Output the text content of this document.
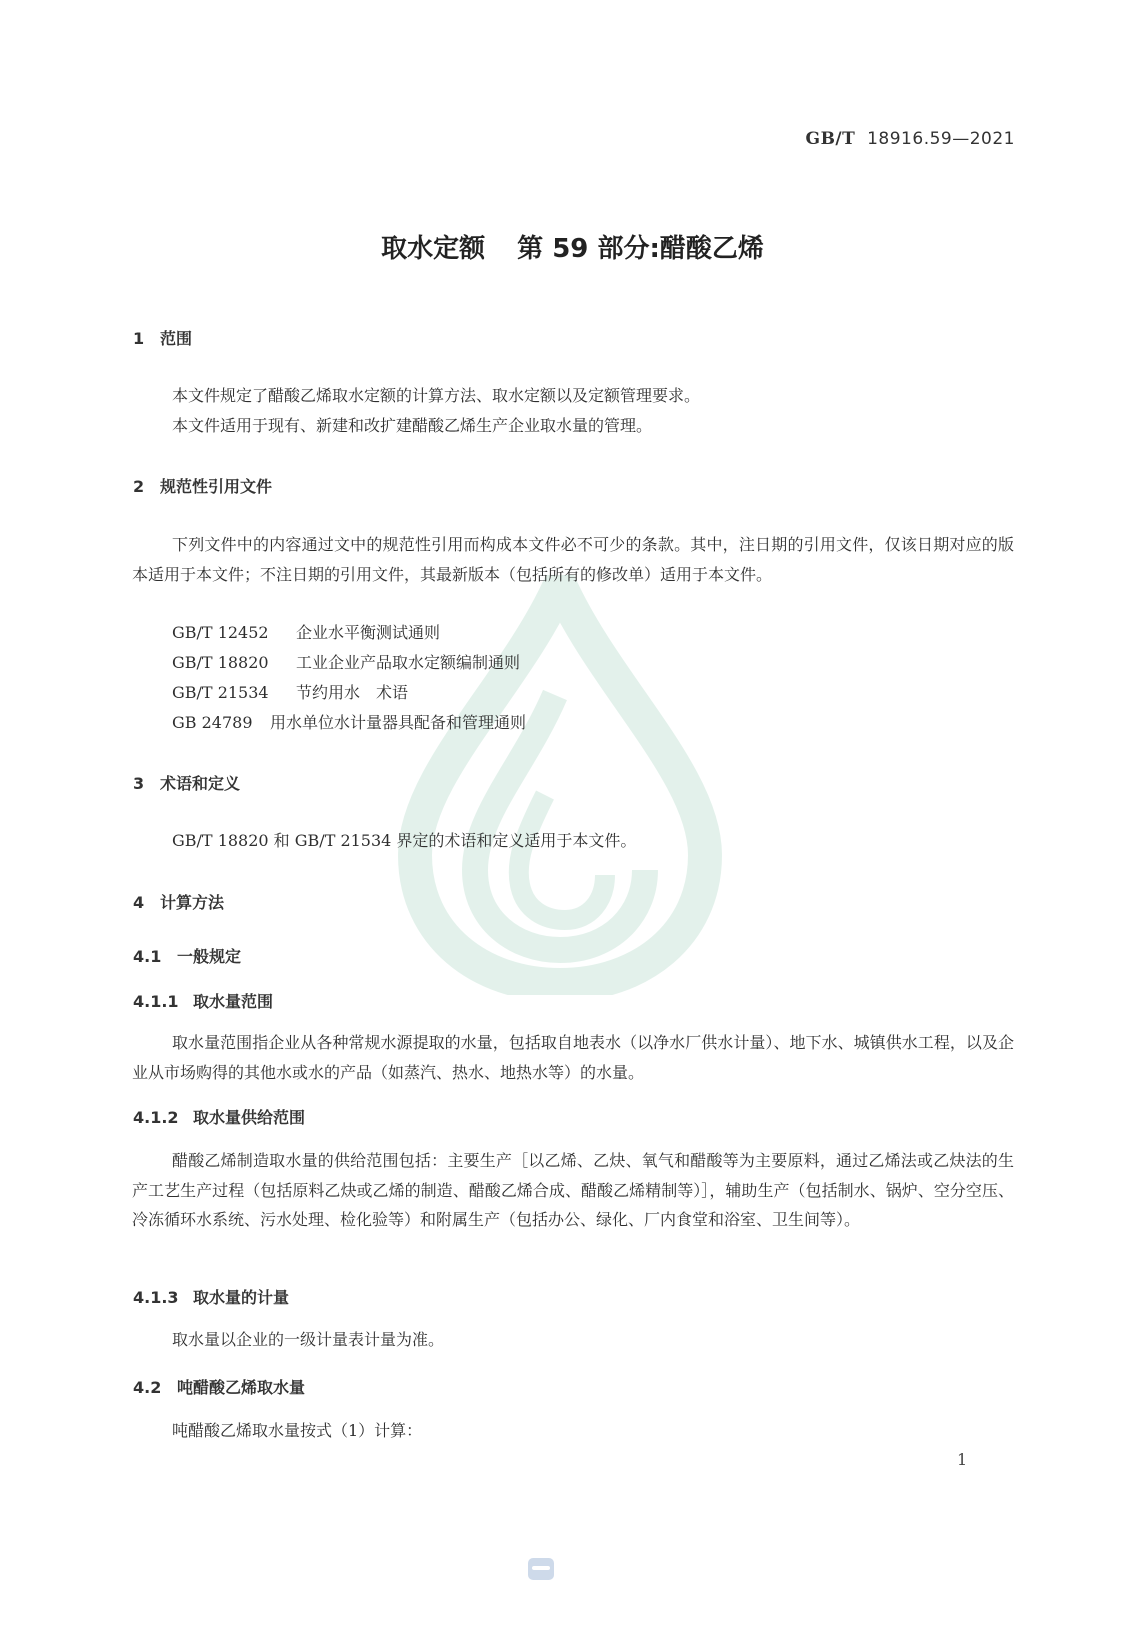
GB/T 18916.59—2021
取水定额 第 59 部分:醋酸乙烯
1 范围
本文件规定了醋酸乙烯取水定额的计算方法、取水定额以及定额管理要求。
本文件适用于现有、新建和改扩建醋酸乙烯生产企业取水量的管理。
2 规范性引用文件
下列文件中的内容通过文中的规范性引用而构成本文件必不可少的条款。其中，注日期的引用文件，仅该日期对应的版本适用于本文件；不注日期的引用文件，其最新版本（包括所有的修改单）适用于本文件。
GB/T 12452 企业水平衡测试通则
GB/T 18820 工业企业产品取水定额编制通则
GB/T 21534 节约用水　术语
GB 24789 用水单位水计量器具配备和管理通则
3 术语和定义
GB/T 18820 和 GB/T 21534 界定的术语和定义适用于本文件。
4 计算方法
4.1 一般规定
4.1.1 取水量范围
取水量范围指企业从各种常规水源提取的水量，包括取自地表水（以净水厂供水计量）、地下水、城镇供水工程，以及企业从市场购得的其他水或水的产品（如蒸汽、热水、地热水等）的水量。
4.1.2 取水量供给范围
醋酸乙烯制造取水量的供给范围包括：主要生产［以乙烯、乙炔、氧气和醋酸等为主要原料，通过乙烯法或乙炔法的生产工艺生产过程（包括原料乙炔或乙烯的制造、醋酸乙烯合成、醋酸乙烯精制等）］，辅助生产（包括制水、锅炉、空分空压、冷冻循环水系统、污水处理、检化验等）和附属生产（包括办公、绿化、厂内食堂和浴室、卫生间等）。
4.1.3 取水量的计量
取水量以企业的一级计量表计量为准。
4.2 吨醋酸乙烯取水量
吨醋酸乙烯取水量按式（1）计算：
1
